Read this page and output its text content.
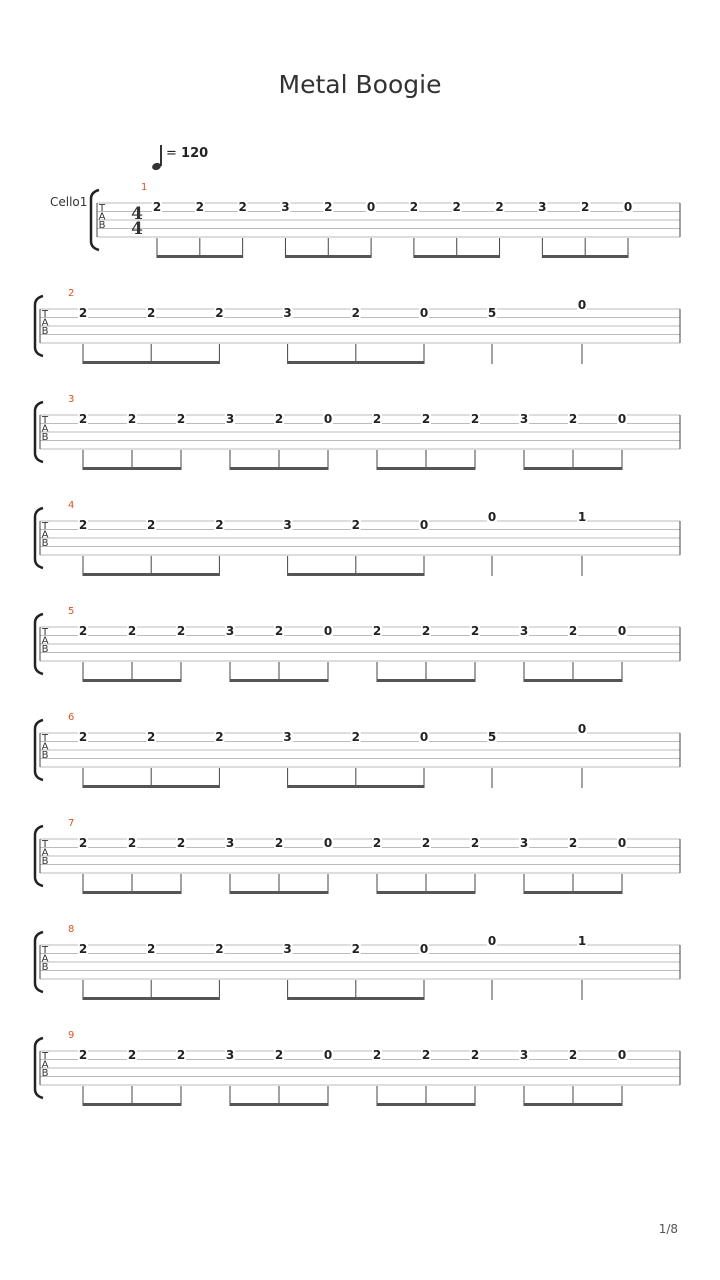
Metal Boogie
= 120
Cello1 T
A
B
1
4
4
2	2	2	3	2	0	2	2	2	3	2	0
T
A
B
2
2	2	2	3	2	0	5
0
T
A
B
3
2	2	2	3	2	0	2	2	2	3	2	0
T
A
B
4
2	2	2	3	2	0
0	1
T
A
B
5
2	2	2	3	2	0	2	2	2	3	2	0
T
A
B
6
2	2	2	3	2	0	5
0
T
A
B
7
2	2	2	3	2	0	2	2	2	3	2	0
T
A
B
8
2	2	2	3	2	0
0	1
T
A
B
9
2	2	2	3	2	0	2	2	2	3	2	0
1/8
